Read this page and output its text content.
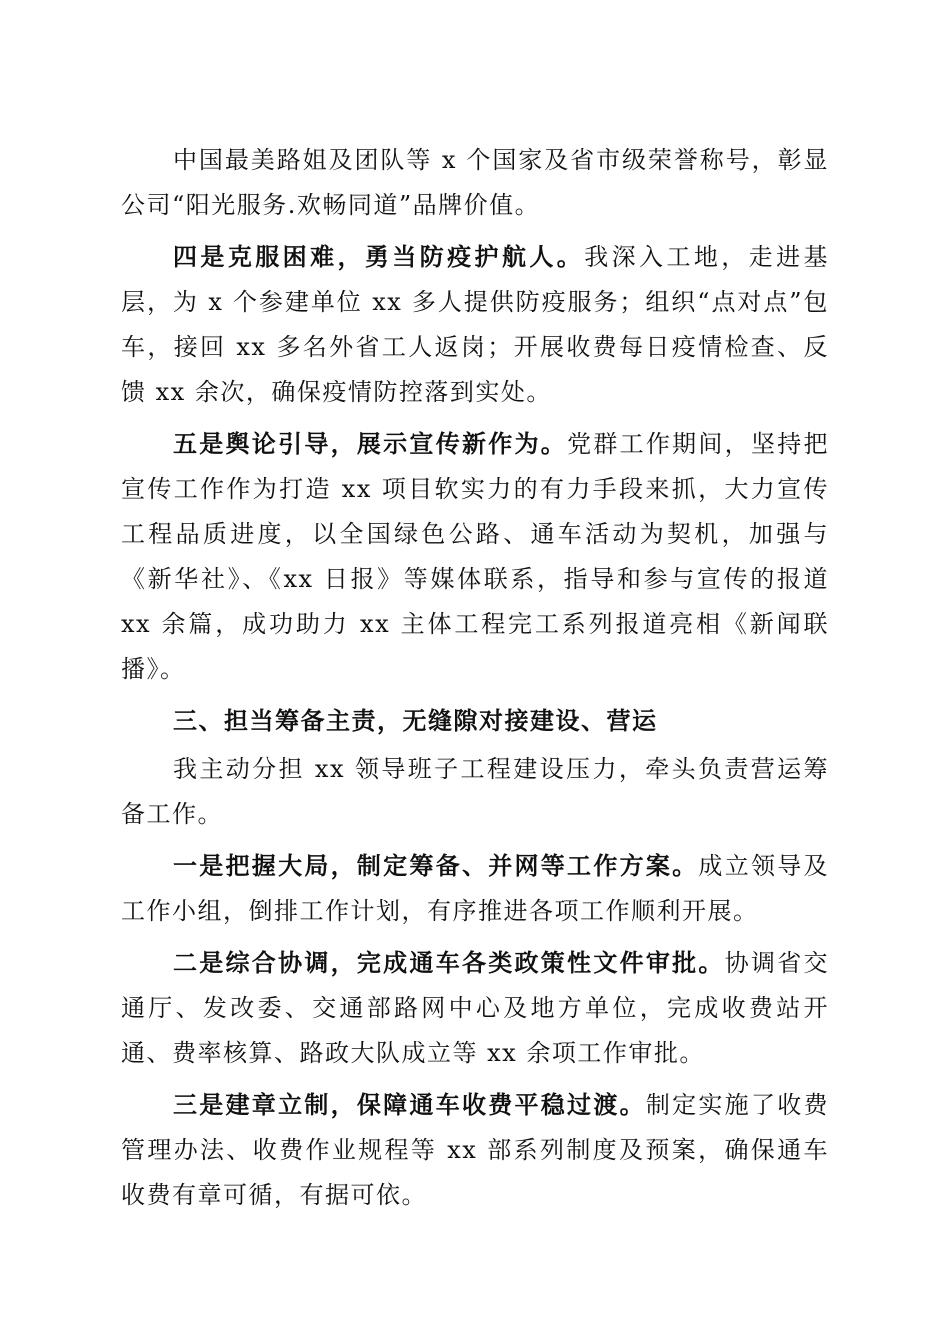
中国最美路姐及团队等 x 个国家及省市级荣誉称号，彰显公司“阳光服务.欢畅同道”品牌价值。

四是克服困难，勇当防疫护航人。我深入工地，走进基层，为 x 个参建单位 xx 多人提供防疫服务；组织“点对点”包车，接回 xx 多名外省工人返岗；开展收费每日疫情检查、反馈 xx 余次，确保疫情防控落到实处。

五是舆论引导，展示宣传新作为。党群工作期间，坚持把宣传工作作为打造 xx 项目软实力的有力手段来抓，大力宣传工程品质进度，以全国绿色公路、通车活动为契机，加强与《新华社》、《xx 日报》等媒体联系，指导和参与宣传的报道 xx 余篇，成功助力 xx 主体工程完工系列报道亮相《新闻联播》。

三、担当筹备主责，无缝隙对接建设、营运

我主动分担 xx 领导班子工程建设压力，牵头负责营运筹备工作。

一是把握大局，制定筹备、并网等工作方案。成立领导及工作小组，倒排工作计划，有序推进各项工作顺利开展。

二是综合协调，完成通车各类政策性文件审批。协调省交通厅、发改委、交通部路网中心及地方单位，完成收费站开通、费率核算、路政大队成立等 xx 余项工作审批。

三是建章立制，保障通车收费平稳过渡。制定实施了收费管理办法、收费作业规程等 xx 部系列制度及预案，确保通车收费有章可循，有据可依。
